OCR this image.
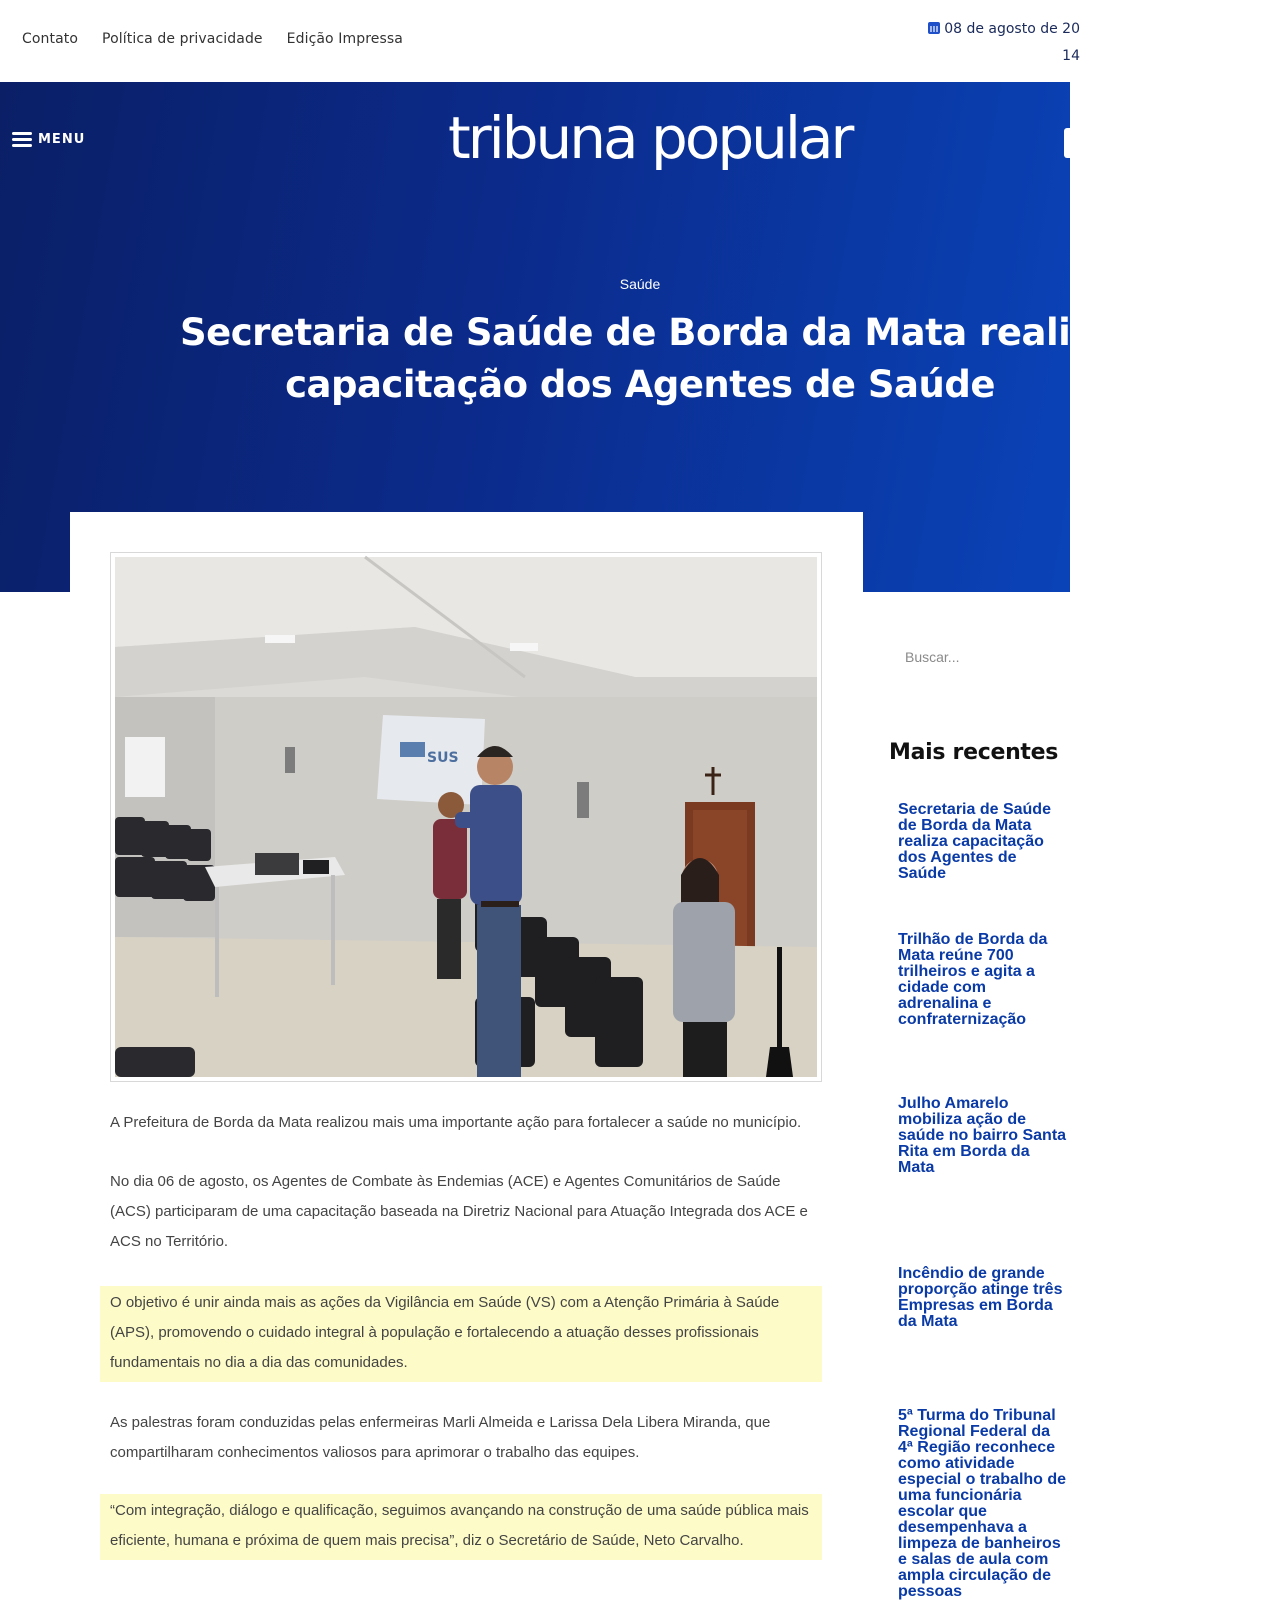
Contato Política de privacidade Edição Impressa
08 de agosto de 20
14
MENU	tribuna popular
Saúde
Secretaria de Saúde de Borda da Mata realiza
capacitação dos Agentes de Saúde
SUS

A Prefeitura de Borda da Mata realizou mais uma importante ação para fortalecer a saúde no município.

No dia 06 de agosto, os Agentes de Combate às Endemias (ACE) e Agentes Comunitários de Saúde (ACS) participaram de uma capacitação baseada na Diretriz Nacional para Atuação Integrada dos ACE e ACS no Território.

O objetivo é unir ainda mais as ações da Vigilância em Saúde (VS) com a Atenção Primária à Saúde (APS), promovendo o cuidado integral à população e fortalecendo a atuação desses profissionais fundamentais no dia a dia das comunidades.

As palestras foram conduzidas pelas enfermeiras Marli Almeida e Larissa Dela Libera Miranda, que compartilharam conhecimentos valiosos para aprimorar o trabalho das equipes.

“Com integração, diálogo e qualificação, seguimos avançando na construção de uma saúde pública mais eficiente, humana e próxima de quem mais precisa”, diz o Secretário de Saúde, Neto Carvalho.

Buscar...
Mais recentes
Secretaria de Saúde de Borda da Mata realiza capacitação dos Agentes de Saúde
Trilhão de Borda da Mata reúne 700 trilheiros e agita a cidade com adrenalina e confraternização
Julho Amarelo mobiliza ação de saúde no bairro Santa Rita em Borda da Mata
Incêndio de grande proporção atinge três Empresas em Borda da Mata
5ª Turma do Tribunal Regional Federal da 4ª Região reconhece como atividade especial o trabalho de uma funcionária escolar que desempenhava a limpeza de banheiros e salas de aula com ampla circulação de pessoas
